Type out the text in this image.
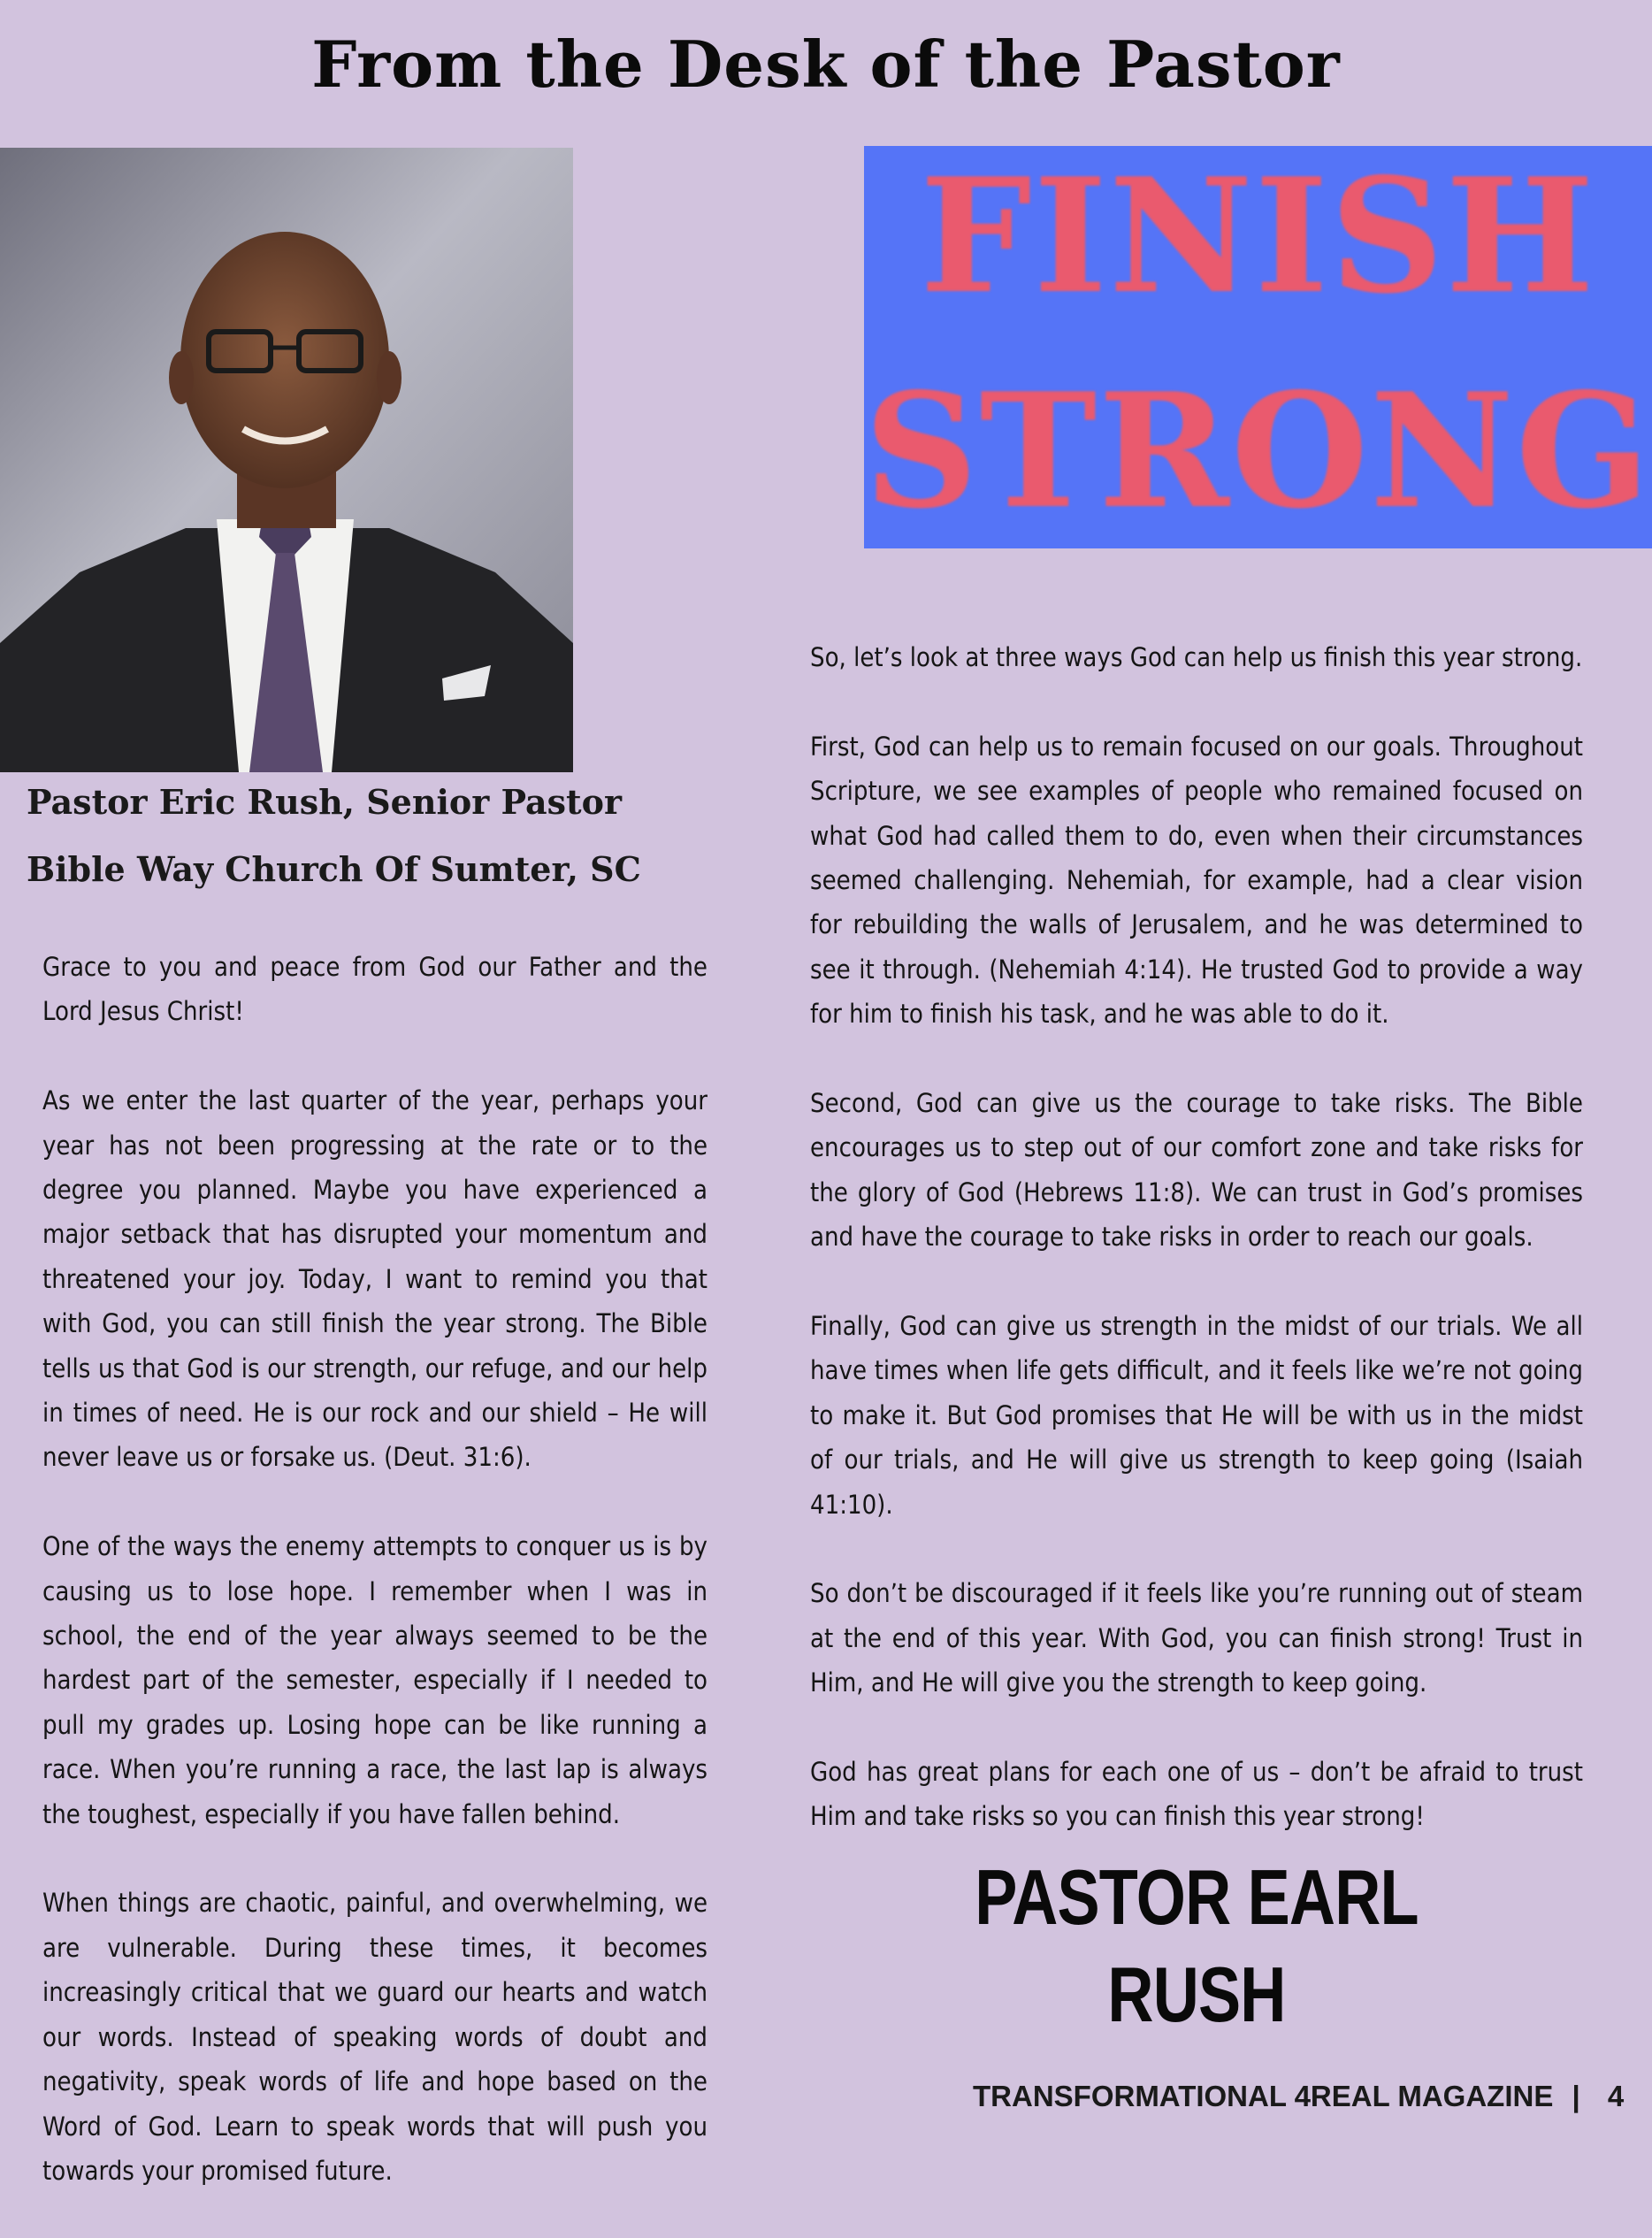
From the Desk of the Pastor
Pastor Eric Rush, Senior Pastor
Bible Way Church Of Sumter, SC
FINISH
STRONG

Grace to you and peace from God our Father and the Lord Jesus Christ!

As we enter the last quarter of the year, perhaps your year has not been progressing at the rate or to the degree you planned. Maybe you have experienced a major setback that has disrupted your momentum and threatened your joy. Today, I want to remind you that with God, you can still finish the year strong. The Bible tells us that God is our strength, our refuge, and our help in times of need. He is our rock and our shield – He will never leave us or forsake us. (Deut. 31:6).

One of the ways the enemy attempts to conquer us is by causing us to lose hope. I remember when I was in school, the end of the year always seemed to be the hardest part of the semester, especially if I needed to pull my grades up. Losing hope can be like running a race. When you’re running a race, the last lap is always the toughest, especially if you have fallen behind.

When things are chaotic, painful, and overwhelming, we are vulnerable. During these times, it becomes increasingly critical that we guard our hearts and watch our words. Instead of speaking words of doubt and negativity, speak words of life and hope based on the Word of God. Learn to speak words that will push you towards your promised future.

So, let’s look at three ways God can help us finish this year strong.

First, God can help us to remain focused on our goals. Throughout Scripture, we see examples of people who remained focused on what God had called them to do, even when their circumstances seemed challenging. Nehemiah, for example, had a clear vision for rebuilding the walls of Jerusalem, and he was determined to see it through. (Nehemiah 4:14). He trusted God to provide a way for him to finish his task, and he was able to do it.

Second, God can give us the courage to take risks. The Bible encourages us to step out of our comfort zone and take risks for the glory of God (Hebrews 11:8). We can trust in God’s promises and have the courage to take risks in order to reach our goals.

Finally, God can give us strength in the midst of our trials. We all have times when life gets difficult, and it feels like we’re not going to make it. But God promises that He will be with us in the midst of our trials, and He will give us strength to keep going (Isaiah 41:10).

So don’t be discouraged if it feels like you’re running out of steam at the end of this year. With God, you can finish strong! Trust in Him, and He will give you the strength to keep going.

God has great plans for each one of us – don’t be afraid to trust Him and take risks so you can finish this year strong!

PASTOR EARL RUSH
TRANSFORMATIONAL 4REAL MAGAZINE | 4
